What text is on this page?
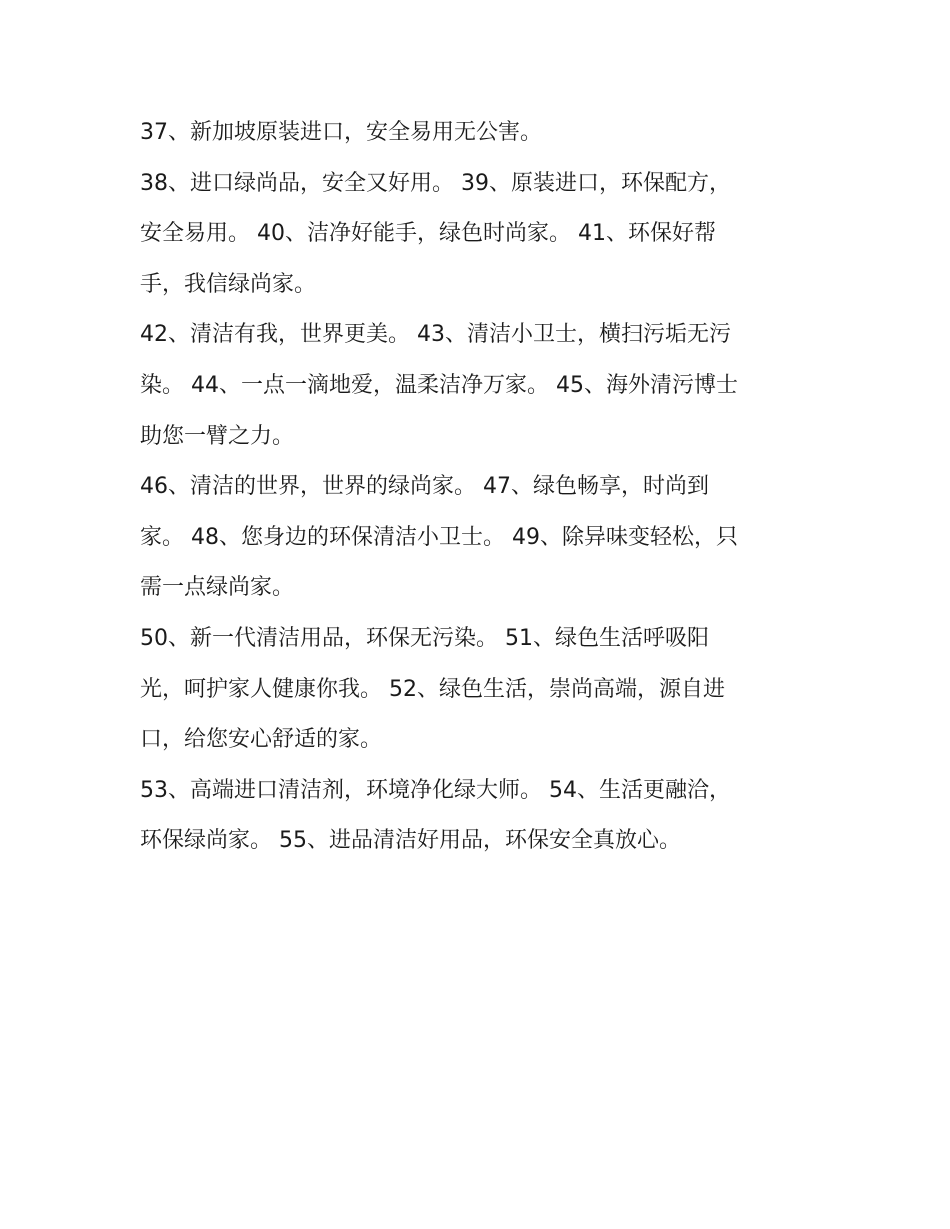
37、新加坡原装进口，安全易用无公害。
38、进口绿尚品，安全又好用。 39、原装进口，环保配方，
安全易用。 40、洁净好能手，绿色时尚家。 41、环保好帮
手，我信绿尚家。
42、清洁有我，世界更美。 43、清洁小卫士，横扫污垢无污
染。 44、一点一滴地爱，温柔洁净万家。 45、海外清污博士
助您一臂之力。
46、清洁的世界，世界的绿尚家。 47、绿色畅享，时尚到
家。 48、您身边的环保清洁小卫士。 49、除异味变轻松，只
需一点绿尚家。
50、新一代清洁用品，环保无污染。 51、绿色生活呼吸阳
光，呵护家人健康你我。 52、绿色生活，崇尚高端，源自进
口，给您安心舒适的家。
53、高端进口清洁剂，环境净化绿大师。 54、生活更融洽，
环保绿尚家。 55、进品清洁好用品，环保安全真放心。
